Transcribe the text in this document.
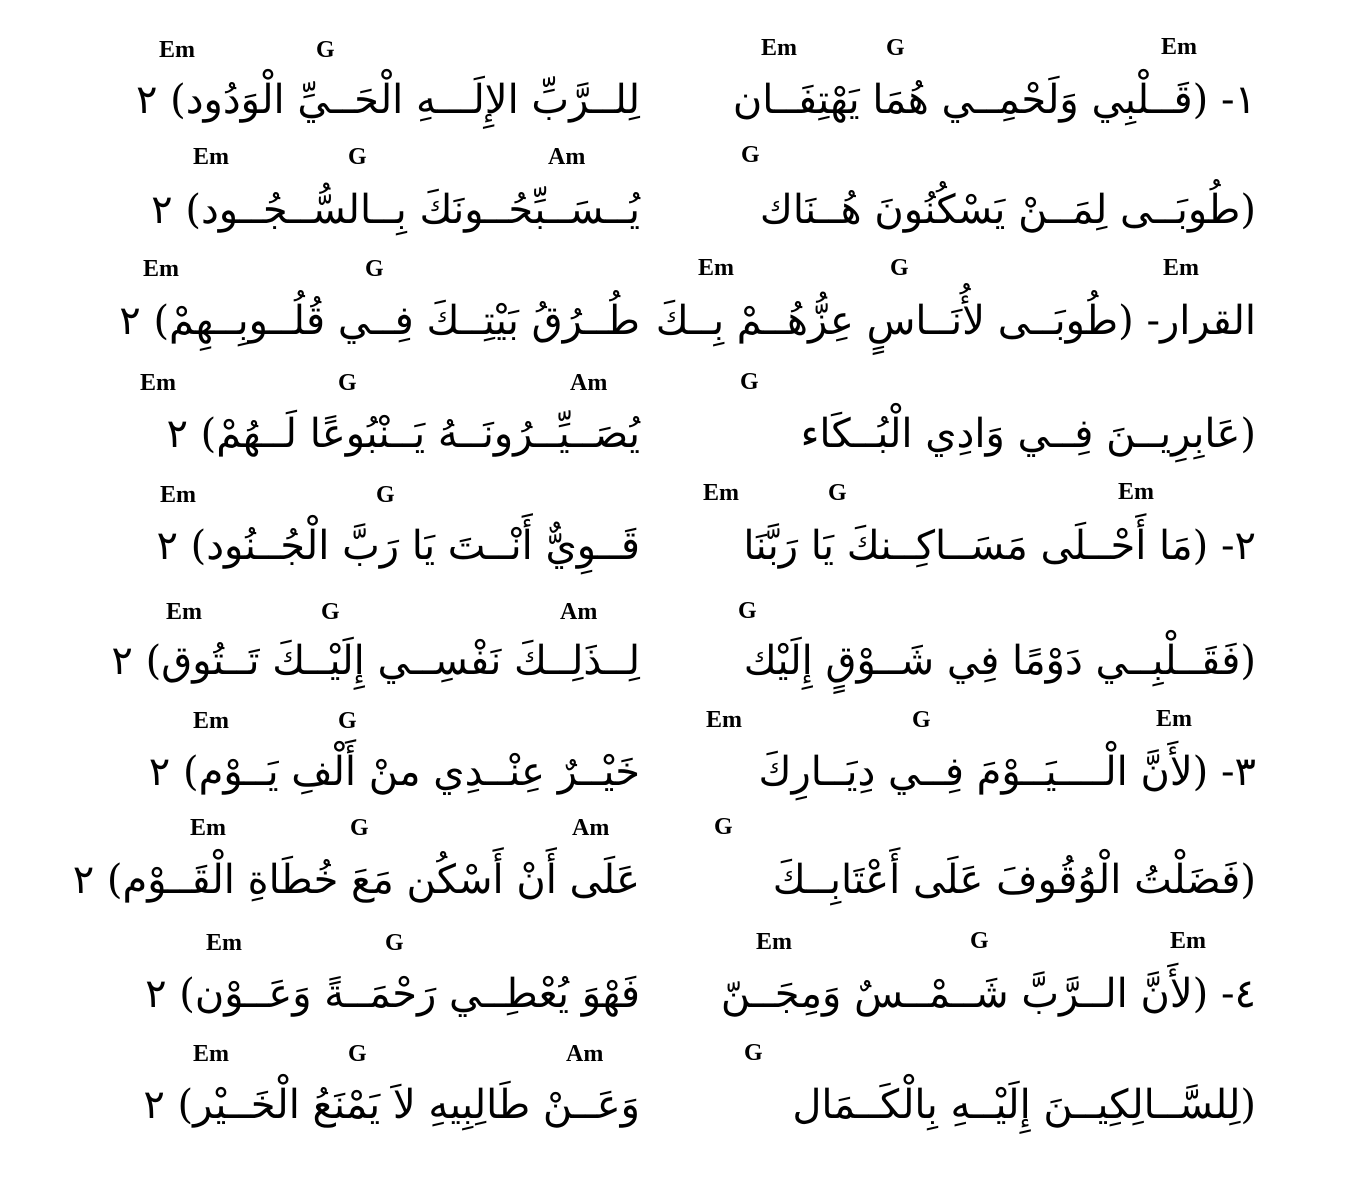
Em	G	Em	G	Em
لِلــرَّبِّ الإِلَـــهِ الْحَــيِّ الْوَدُود) ٢ ١- (قَــلْبِي وَلَحْمِــي هُمَا يَهْتِفَــان
Em	G	Am	G
يُــسَــبِّحُــونَكَ بِــالسُّــجُــود) ٢	(طُوبَــى لِمَــنْ يَسْكُنُونَ هُــنَاك
Em	G	Em	G	Em
طُــرُقُ بَيْتِــكَ فِــي قُلُــوبِــهِمْ) ٢ القرار- (طُوبَــى لأُنَــاسٍ عِزُّهُــمْ بِــكَ
Em	G	Am	G
يُصَــيِّــرُونَــهُ يَــنْبُوعًا لَــهُمْ) ٢	(عَابِرِيــنَ فِــي وَادِي الْبُــكَاء
Em	G	Em	G	Em
قَــوِيٌّ أَنْــتَ يَا رَبَّ الْجُــنُود) ٢	٢- (مَا أَحْــلَى مَسَــاكِــنكَ يَا رَبَّنَا
Em	G	Am	G
لِــذَلِــكَ نَفْسِــي إِلَيْــكَ تَــتُوق) ٢	(فَقَــلْبِــي دَوْمًا فِي شَــوْقٍ إِلَيْك
Em	G	Em	G	Em
خَيْــرٌ عِنْــدِي منْ أَلْفِ يَــوْم) ٢	٣- (لأَنَّ الْــــيَــوْمَ فِــي دِيَــارِكَ
Em	G	Am	G
عَلَى أَنْ أَسْكُن مَعَ خُطَاةِ الْقَــوْم) ٢	(فَضَلْتُ الْوُقُوفَ عَلَى أَعْتَابِــكَ
Em	G	Em	G	Em
فَهْوَ يُعْطِــي رَحْمَــةً وَعَــوْن) ٢ ٤- (لأَنَّ الــرَّبَّ شَــمْــسٌ وَمِجَــنّ
Em	G	Am	G
وَعَــنْ طَالِبِيهِ لاَ يَمْنَعُ الْخَــيْر) ٢	(لِلسَّــالِكِيــنَ إِلَيْــهِ بِالْكَــمَال
